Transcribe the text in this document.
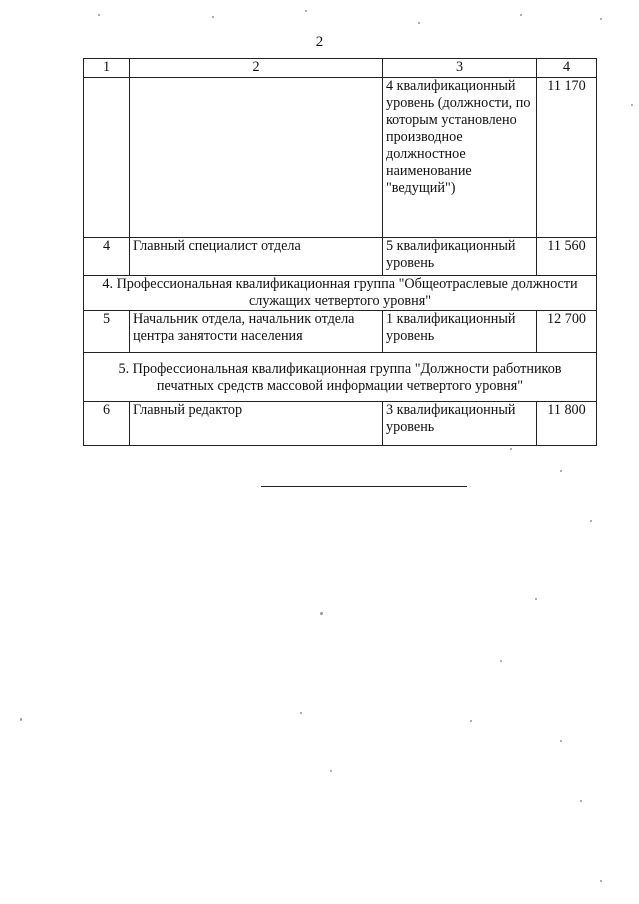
2
1	2	3	4
		4 квалификационный уровень (должности, по которым установлено производное должностное наименование "ведущий")	11 170
4	Главный специалист отдела	5 квалификационный уровень	11 560
4. Профессиональная квалификационная группа "Общеотраслевые должности служащих четвертого уровня"			
5	Начальник отдела, начальник отдела центра занятости населения	1 квалификационный уровень	12 700
5. Профессиональная квалификационная группа "Должности работников печатных средств массовой информации четвертого уровня"			
6	Главный редактор	3 квалификационный уровень	11 800
